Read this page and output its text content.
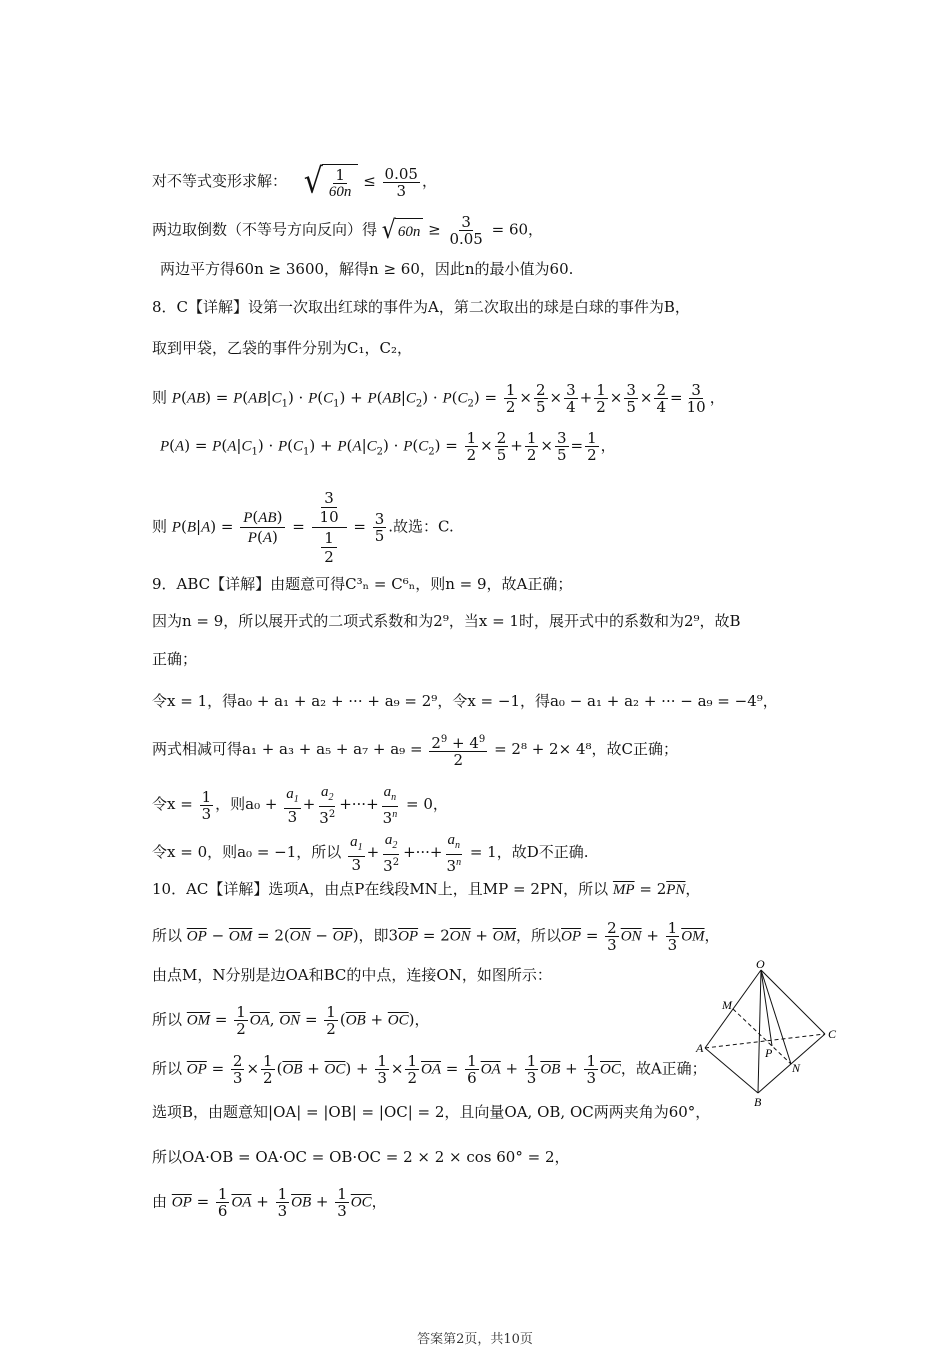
对不等式变形求解： √ $\frac{1}{60n} \le \frac{0.05}{3}$ ，
两边取倒数（不等号方向反向）得 √ $60n \ge \frac{3}{0.05} = 60$，
两边平方得60n ≥ 3600，解得n ≥ 60，因此n的最小值为60.
8．C【详解】设第一次取出红球的事件为A，第二次取出的球是白球的事件为B，
取到甲袋，乙袋的事件分别为C₁，C₂，
则 $P(AB) = P(AB|C_1) \cdot P(C_1) + P(AB|C_2) \cdot P(C_2) = \frac{1}{2} \times \frac{2}{5} \times \frac{3}{4} + \frac{1}{2} \times \frac{3}{5} \times \frac{2}{4} = \frac{3}{10}$ ，
$P(A) = P(A|C_1) \cdot P(C_1) + P(A|C_2) \cdot P(C_2) = \frac{1}{2} \times \frac{2}{5} + \frac{1}{2} \times \frac{3}{5} = \frac{1}{2}$ ，
则 $P(B|A) = \frac{P(AB)}{P(A)} = \frac{\frac{3}{10}}{\frac{1}{2}} = \frac{3}{5}$ .故选：C.
9．ABC【详解】由题意可得C³ₙ = C⁶ₙ，则n = 9，故A正确；
因为n = 9，所以展开式的二项式系数和为2⁹，当x = 1时，展开式中的系数和为2⁹，故B
正确；
令x = 1，得a₀ + a₁ + a₂ + ··· + a₉ = 2⁹，令x = −1，得a₀ − a₁ + a₂ + ··· − a₉ = −4⁹，
两式相减可得$a_1 + a_3 + a_5 + a_7 + a_9 = \frac{2^9 + 4^9}{2} = 2^8 + 2\times 4^8$，故C正确；
令$x = \frac{1}{3}$ ，则$a_0 + \frac{a_1}{3} + \frac{a_2}{3^2}$ +···+ $\frac{a_n}{3^n} = 0$，
令x = 0，则a₀ = −1，所以 $\frac{a_1}{3} + \frac{a_2}{3^2}$ +···+ $\frac{a_n}{3^n} = 1$，故D不正确.
10．AC【详解】选项A，由点P在线段MN上，且MP = 2PN，所以 $\overline{MP} = 2\overline{PN}$，
所以 $\overline{OP} - \overline{OM} = 2(\overline{ON} - \overline{OP})$，即$3\overline{OP} = 2\overline{ON} + \overline{OM}$，所以$\overline{OP} = \frac{2}{3} \overline{ON} + \frac{1}{3} \overline{OM}$，
由点M，N分别是边OA和BC的中点，连接ON，如图所示：
所以 $\overline{OM} = \frac{1}{2} \overline{OA}$, $\overline{ON} = \frac{1}{2} (\overline{OB} + \overline{OC})$，
所以 $\overline{OP} = \frac{2}{3} \times \frac{1}{2} (\overline{OB} + \overline{OC}) + \frac{1}{3} \times \frac{1}{2} \overline{OA} = \frac{1}{6} \overline{OA} + \frac{1}{3} \overline{OB} + \frac{1}{3} \overline{OC}$，故A正确；
选项B，由题意知|OA| = |OB| = |OC| = 2，且向量OA, OB, OC两两夹角为60°，
所以OA·OB = OA·OC = OB·OC = 2 × 2 × cos 60° = 2，
由 $\overline{OP} = \frac{1}{6} \overline{OA} + \frac{1}{3} \overline{OB} + \frac{1}{3} \overline{OC}$，
O
M
A	P
N
B
C
答案第2页，共10页
